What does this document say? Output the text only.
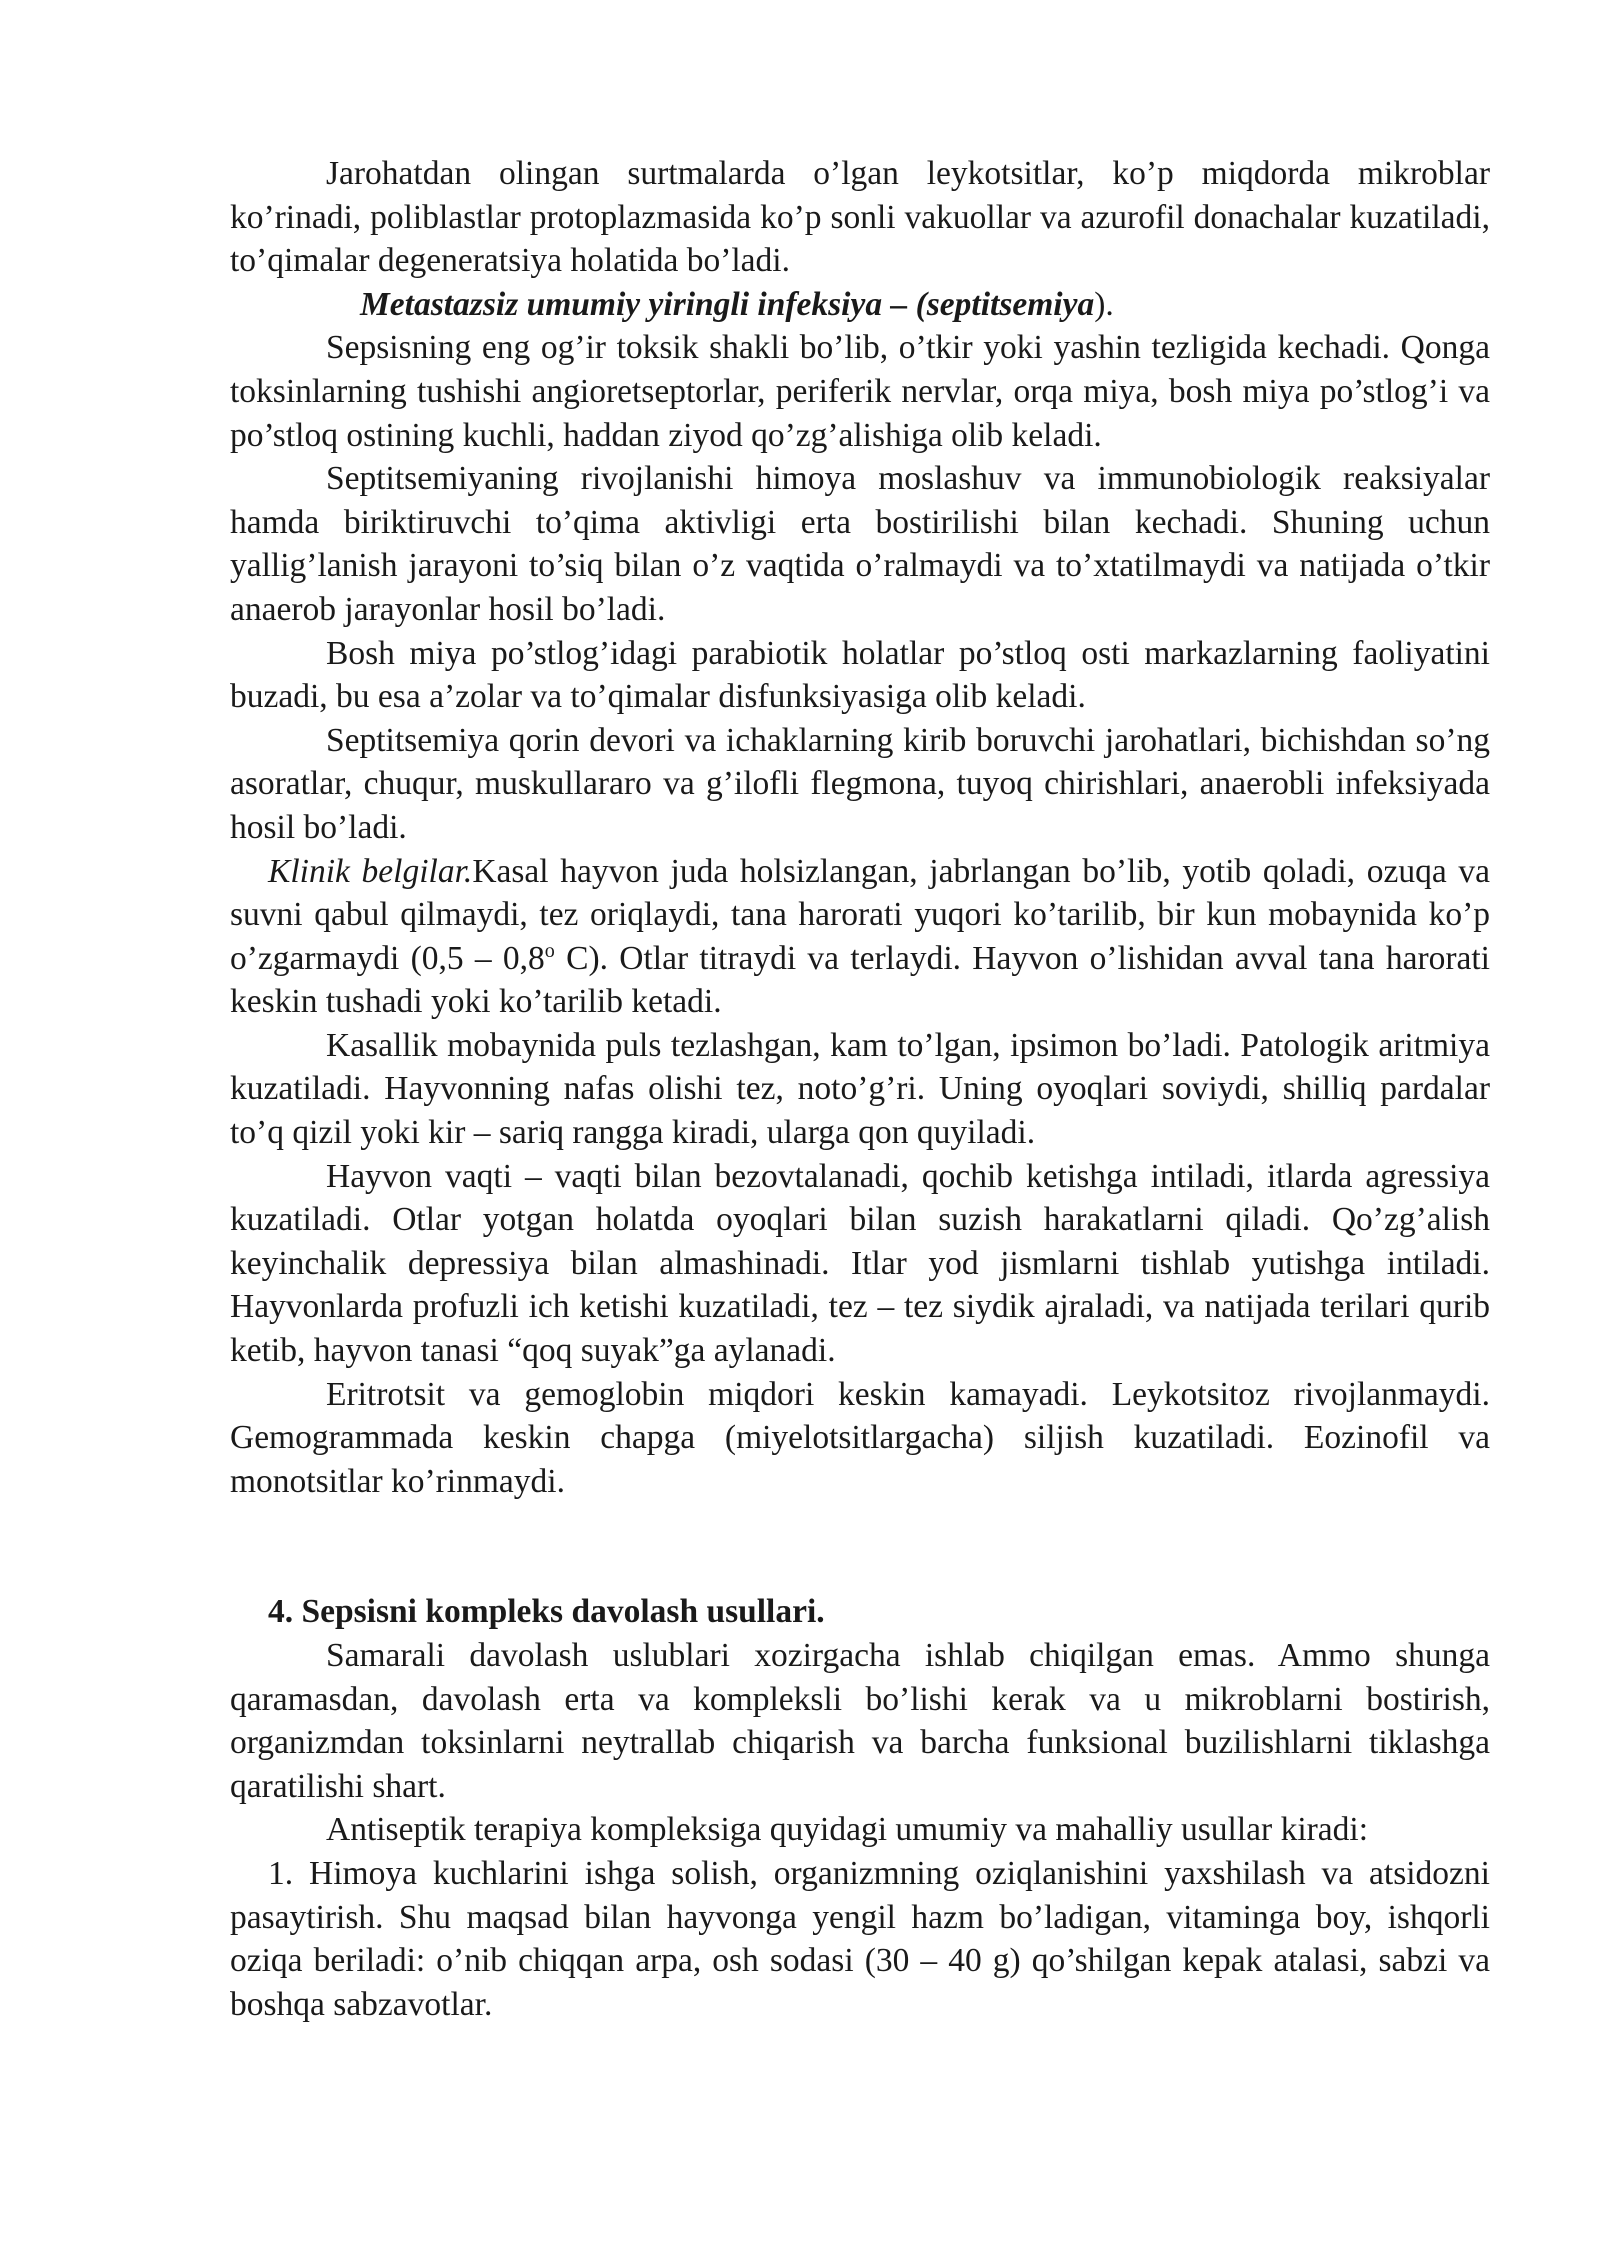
Jarohatdan olingan surtmalarda o’lgan leykotsitlar, ko’p miqdorda mikroblar ko’rinadi, poliblastlar protoplazmasida ko’p sonli vakuollar va azurofil donachalar kuzatiladi, to’qimalar degeneratsiya holatida bo’ladi.

Metastazsiz umumiy yiringli infeksiya – (septitsemiya).

Sepsisning eng og’ir toksik shakli bo’lib, o’tkir yoki yashin tezligida kechadi. Qonga toksinlarning tushishi angioretseptorlar, periferik nervlar, orqa miya, bosh miya po’stlog’i va po’stloq ostining kuchli, haddan ziyod qo’zg’alishiga olib keladi.

Septitsemiyaning rivojlanishi himoya moslashuv va immunobiologik reaksiyalar hamda biriktiruvchi to’qima aktivligi erta bostirilishi bilan kechadi. Shuning uchun yallig’lanish jarayoni to’siq bilan o’z vaqtida o’ralmaydi va to’xtatilmaydi va natijada o’tkir anaerob jarayonlar hosil bo’ladi.

Bosh miya po’stlog’idagi parabiotik holatlar po’stloq osti markazlarning faoliyatini buzadi, bu esa a’zolar va to’qimalar disfunksiyasiga olib keladi.

Septitsemiya qorin devori va ichaklarning kirib boruvchi jarohatlari, bichishdan so’ng asoratlar, chuqur, muskullararo va g’ilofli flegmona, tuyoq chirishlari, anaerobli infeksiyada hosil bo’ladi.

Klinik belgilar.Kasal hayvon juda holsizlangan, jabrlangan bo’lib, yotib qoladi, ozuqa va suvni qabul qilmaydi, tez oriqlaydi, tana harorati yuqori ko’tarilib, bir kun mobaynida ko’p o’zgarmaydi (0,5 – 0,8$^o$ C). Otlar titraydi va terlaydi. Hayvon o’lishidan avval tana harorati keskin tushadi yoki ko’tarilib ketadi.

Kasallik mobaynida puls tezlashgan, kam to’lgan, ipsimon bo’ladi. Patologik aritmiya kuzatiladi. Hayvonning nafas olishi tez, noto’g’ri. Uning oyoqlari soviydi, shilliq pardalar to’q qizil yoki kir – sariq rangga kiradi, ularga qon quyiladi.

Hayvon vaqti – vaqti bilan bezovtalanadi, qochib ketishga intiladi, itlarda agressiya kuzatiladi. Otlar yotgan holatda oyoqlari bilan suzish harakatlarni qiladi. Qo’zg’alish keyinchalik depressiya bilan almashinadi. Itlar yod jismlarni tishlab yutishga intiladi. Hayvonlarda profuzli ich ketishi kuzatiladi, tez – tez siydik ajraladi, va natijada terilari qurib ketib, hayvon tanasi “qoq suyak”ga aylanadi.

Eritrotsit va gemoglobin miqdori keskin kamayadi. Leykotsitoz rivojlanmaydi. Gemogrammada keskin chapga (miyelotsitlargacha) siljish kuzatiladi. Eozinofil va monotsitlar ko’rinmaydi.

4. Sepsisni kompleks davolash usullari.

Samarali davolash uslublari xozirgacha ishlab chiqilgan emas. Ammo shunga qaramasdan, davolash erta va kompleksli bo’lishi kerak va u mikroblarni bostirish, organizmdan toksinlarni neytrallab chiqarish va barcha funksional buzilishlarni tiklashga qaratilishi shart.

Antiseptik terapiya kompleksiga quyidagi umumiy va mahalliy usullar kiradi:

1. Himoya kuchlarini ishga solish, organizmning oziqlanishini yaxshilash va atsidozni pasaytirish. Shu maqsad bilan hayvonga yengil hazm bo’ladigan, vitaminga boy, ishqorli oziqa beriladi: o’nib chiqqan arpa, osh sodasi (30 – 40 g) qo’shilgan kepak atalasi, sabzi va boshqa sabzavotlar.
